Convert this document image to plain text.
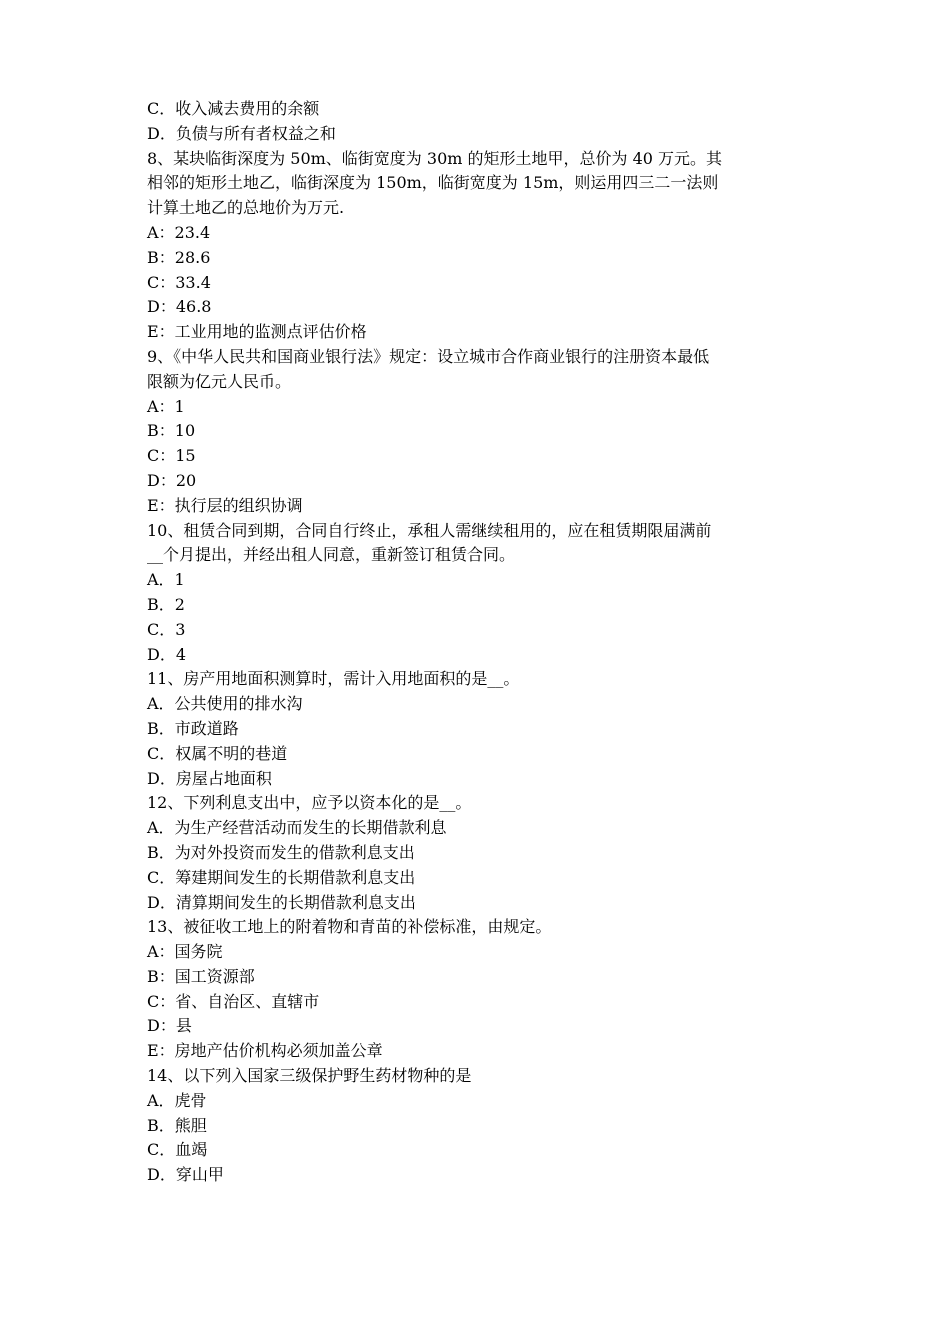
C．收入减去费用的余额
D．负债与所有者权益之和
8、某块临街深度为 50m、临街宽度为 30m 的矩形土地甲，总价为 40 万元。其
相邻的矩形土地乙，临街深度为 150m，临街宽度为 15m，则运用四三二一法则
计算土地乙的总地价为万元.
A：23.4
B：28.6
C：33.4
D：46.8
E：工业用地的监测点评估价格
9、《中华人民共和国商业银行法》规定：设立城市合作商业银行的注册资本最低
限额为亿元人民币。
A：1
B：10
C：15
D：20
E：执行层的组织协调
10、租赁合同到期，合同自行终止，承租人需继续租用的，应在租赁期限届满前
__个月提出，并经出租人同意，重新签订租赁合同。
A．1
B．2
C．3
D．4
11、房产用地面积测算时，需计入用地面积的是__。
A．公共使用的排水沟
B．市政道路
C．权属不明的巷道
D．房屋占地面积
12、下列利息支出中，应予以资本化的是__。
A．为生产经营活动而发生的长期借款利息
B．为对外投资而发生的借款利息支出
C．筹建期间发生的长期借款利息支出
D．清算期间发生的长期借款利息支出
13、被征收工地上的附着物和青苗的补偿标准，由规定。
A：国务院
B：国工资源部
C：省、自治区、直辖市
D：县
E：房地产估价机构必须加盖公章
14、以下列入国家三级保护野生药材物种的是
A．虎骨
B．熊胆
C．血竭
D．穿山甲
